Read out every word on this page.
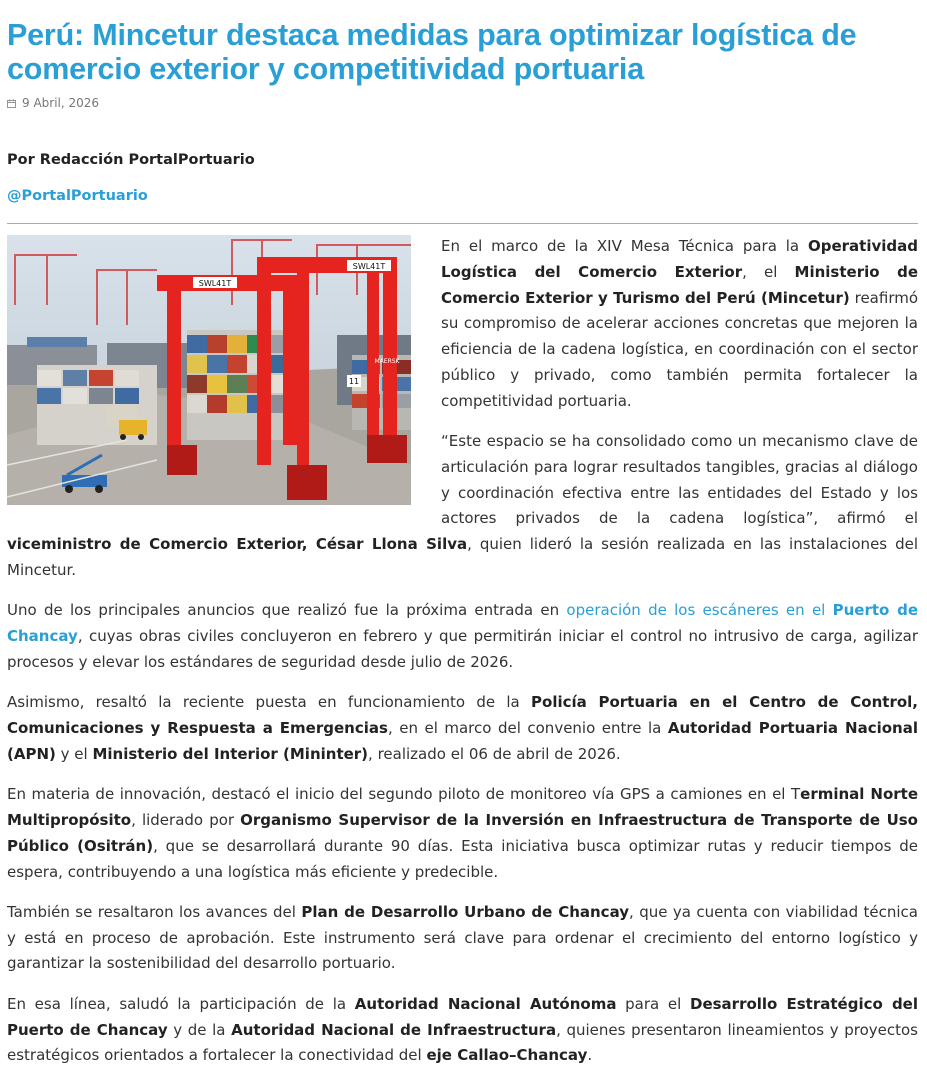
Perú: Mincetur destaca medidas para optimizar logística de comercio exterior y competitividad portuaria
9 Abril, 2026
Por Redacción PortalPortuario
@PortalPortuario
SWL41T
SWL41T
11
MAERSK

En el marco de la XIV Mesa Técnica para la Operatividad Logística del Comercio Exterior, el Ministerio de Comercio Exterior y Turismo del Perú (Mincetur) reafirmó su compromiso de acelerar acciones concretas que mejoren la eficiencia de la cadena logística, en coordinación con el sector público y privado, como también permita fortalecer la competitividad portuaria.

“Este espacio se ha consolidado como un mecanismo clave de articulación para lograr resultados tangibles, gracias al diálogo y coordinación efectiva entre las entidades del Estado y los actores privados de la cadena logística”, afirmó el viceministro de Comercio Exterior, César Llona Silva, quien lideró la sesión realizada en las instalaciones del Mincetur.

Uno de los principales anuncios que realizó fue la próxima entrada en operación de los escáneres en el Puerto de Chancay, cuyas obras civiles concluyeron en febrero y que permitirán iniciar el control no intrusivo de carga, agilizar procesos y elevar los estándares de seguridad desde julio de 2026.

Asimismo, resaltó la reciente puesta en funcionamiento de la Policía Portuaria en el Centro de Control, Comunicaciones y Respuesta a Emergencias, en el marco del convenio entre la Autoridad Portuaria Nacional (APN) y el Ministerio del Interior (Mininter), realizado el 06 de abril de 2026.

En materia de innovación, destacó el inicio del segundo piloto de monitoreo vía GPS a camiones en el Terminal Norte Multipropósito, liderado por Organismo Supervisor de la Inversión en Infraestructura de Transporte de Uso Público (Ositrán), que se desarrollará durante 90 días. Esta iniciativa busca optimizar rutas y reducir tiempos de espera, contribuyendo a una logística más eficiente y predecible.

También se resaltaron los avances del Plan de Desarrollo Urbano de Chancay, que ya cuenta con viabilidad técnica y está en proceso de aprobación. Este instrumento será clave para ordenar el crecimiento del entorno logístico y garantizar la sostenibilidad del desarrollo portuario.

En esa línea, saludó la participación de la Autoridad Nacional Autónoma para el Desarrollo Estratégico del Puerto de Chancay y de la Autoridad Nacional de Infraestructura, quienes presentaron lineamientos y proyectos estratégicos orientados a fortalecer la conectividad del eje Callao–Chancay.
